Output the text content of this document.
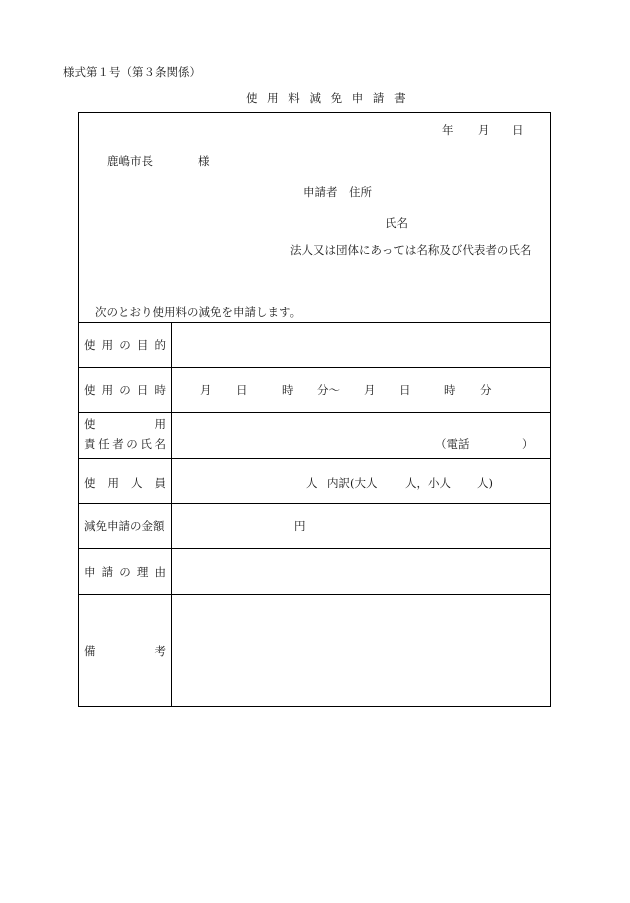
様式第１号（第３条関係）
使 用 料 減 免 申 請 書
年 月 日
鹿嶋市長	様
申請者 住所
氏名
法人又は団体にあっては名称及び代表者の氏名
次のとおり使用料の減免を申請します。
使 用 の 目 的
使 用 の 日 時	月 日	時 分～ 月 日	時 分
使	用
責 任 者 の 氏 名	（電話	）
使 用 人 員	人 内訳(大人 人，小人 人)
減免申請の金額	円
申 請 の 理 由
備	考
